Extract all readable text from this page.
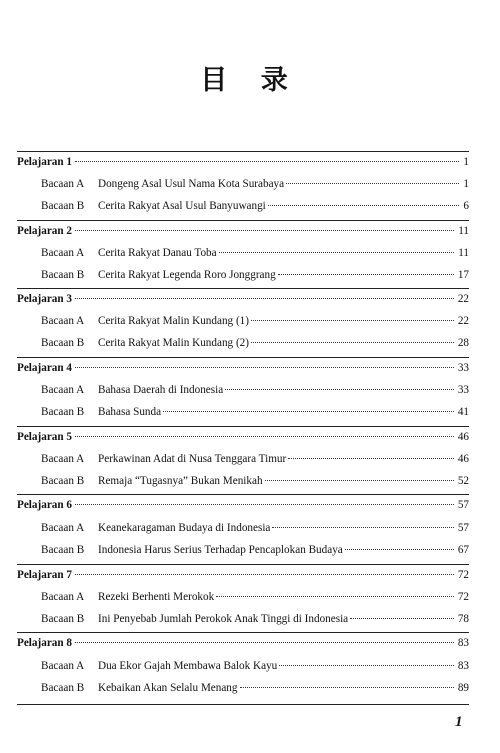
目 录
Pelajaran 1	1
Bacaan A	Dongeng Asal Usul Nama Kota Surabaya	1
Bacaan B	Cerita Rakyat Asal Usul Banyuwangi	6
Pelajaran 2	11
Bacaan A	Cerita Rakyat Danau Toba	11
Bacaan B	Cerita Rakyat Legenda Roro Jonggrang	17
Pelajaran 3	22
Bacaan A	Cerita Rakyat Malin Kundang (1)	22
Bacaan B	Cerita Rakyat Malin Kundang (2)	28
Pelajaran 4	33
Bacaan A	Bahasa Daerah di Indonesia	33
Bacaan B	Bahasa Sunda	41
Pelajaran 5	46
Bacaan A	Perkawinan Adat di Nusa Tenggara Timur	46
Bacaan B	Remaja “Tugasnya” Bukan Menikah	52
Pelajaran 6	57
Bacaan A	Keanekaragaman Budaya di Indonesia	57
Bacaan B	Indonesia Harus Serius Terhadap Pencaplokan Budaya	67
Pelajaran 7	72
Bacaan A	Rezeki Berhenti Merokok	72
Bacaan B	Ini Penyebab Jumlah Perokok Anak Tinggi di Indonesia	78
Pelajaran 8	83
Bacaan A	Dua Ekor Gajah Membawa Balok Kayu	83
Bacaan B	Kebaikan Akan Selalu Menang	89
1
